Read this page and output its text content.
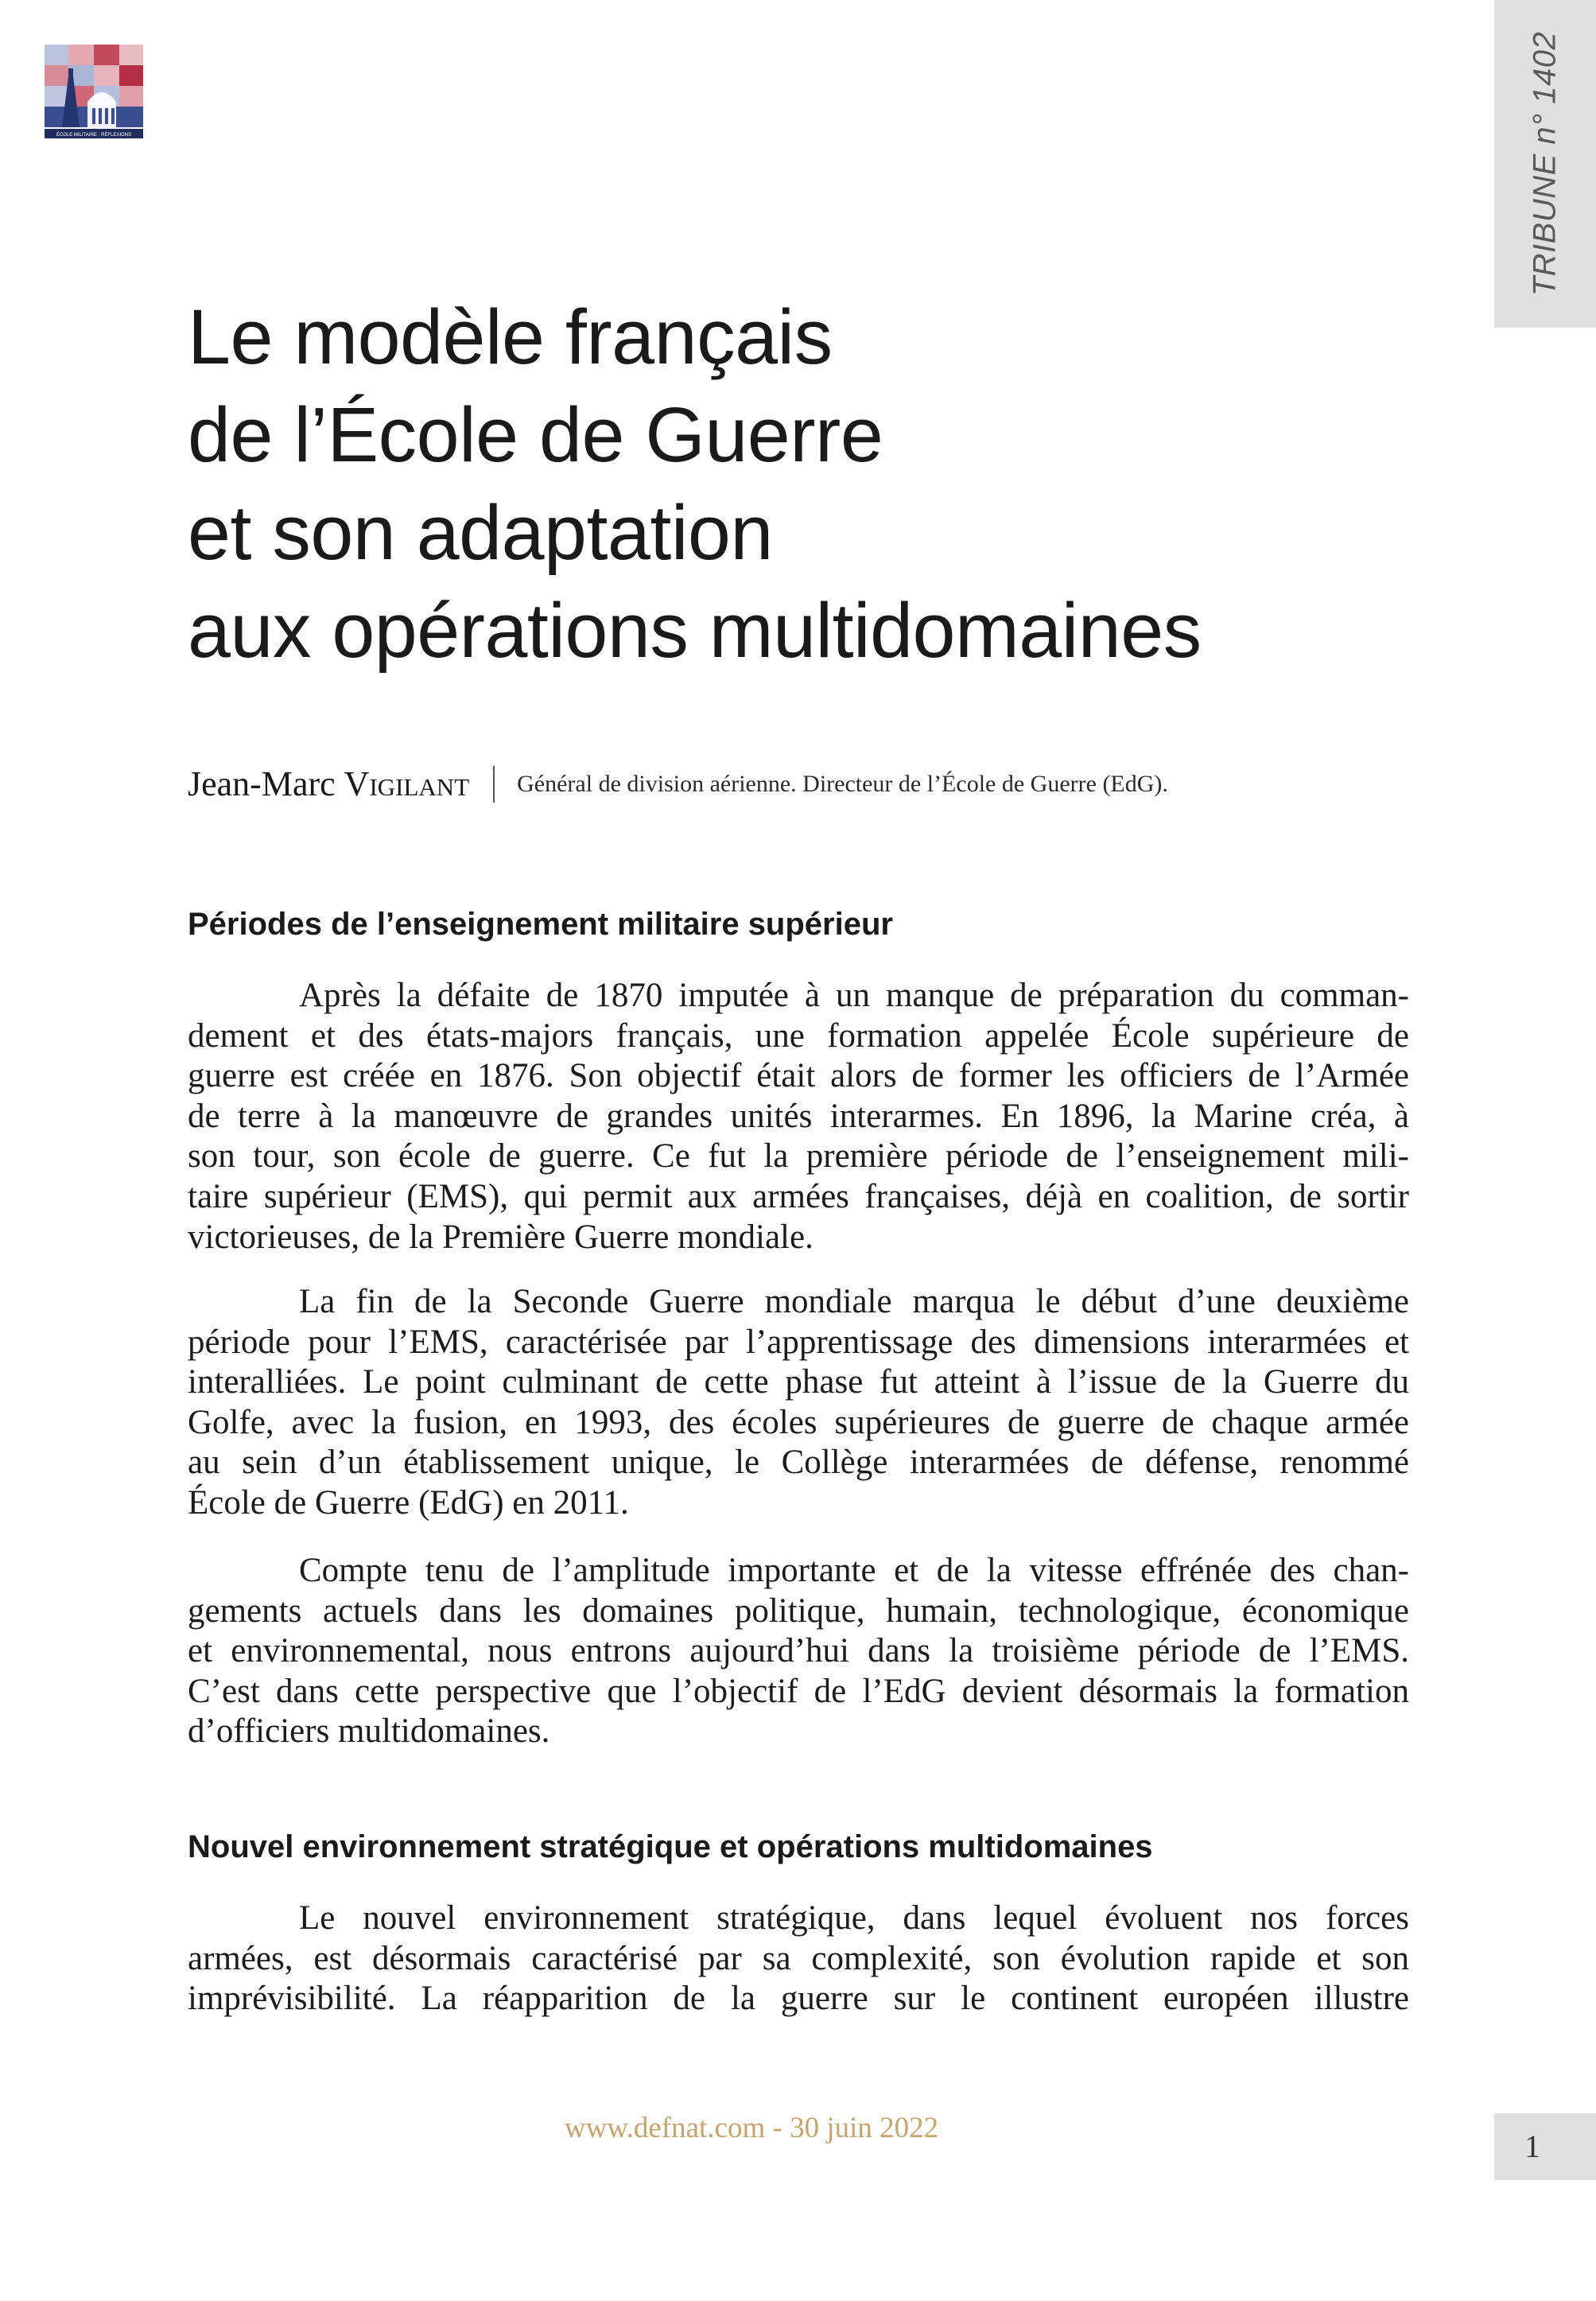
ÉCOLE MILITAIRE · RÉFLEXIONS	TRIBUNE n° 1402
Le modèle français
de l’École de Guerre
et son adaptation
aux opérations multidomaines
Jean-Marc Vigilant Général de division aérienne. Directeur de l’École de Guerre (EdG).
Périodes de l’enseignement militaire supérieur
Après la défaite de 1870 imputée à un manque de préparation du comman-
dement et des états-majors français, une formation appelée École supérieure de
guerre est créée en 1876. Son objectif était alors de former les officiers de l’Armée
de terre à la manœuvre de grandes unités interarmes. En 1896, la Marine créa, à
son tour, son école de guerre. Ce fut la première période de l’enseignement mili-
taire supérieur (EMS), qui permit aux armées françaises, déjà en coalition, de sortir
victorieuses, de la Première Guerre mondiale.
La fin de la Seconde Guerre mondiale marqua le début d’une deuxième
période pour l’EMS, caractérisée par l’apprentissage des dimensions interarmées et
interalliées. Le point culminant de cette phase fut atteint à l’issue de la Guerre du
Golfe, avec la fusion, en 1993, des écoles supérieures de guerre de chaque armée
au sein d’un établissement unique, le Collège interarmées de défense, renommé
École de Guerre (EdG) en 2011.
Compte tenu de l’amplitude importante et de la vitesse effrénée des chan-
gements actuels dans les domaines politique, humain, technologique, économique
et environnemental, nous entrons aujourd’hui dans la troisième période de l’EMS.
C’est dans cette perspective que l’objectif de l’EdG devient désormais la formation
d’officiers multidomaines.
Nouvel environnement stratégique et opérations multidomaines
Le nouvel environnement stratégique, dans lequel évoluent nos forces
armées, est désormais caractérisé par sa complexité, son évolution rapide et son
imprévisibilité. La réapparition de la guerre sur le continent européen illustre
www.defnat.com - 30 juin 2022
1
